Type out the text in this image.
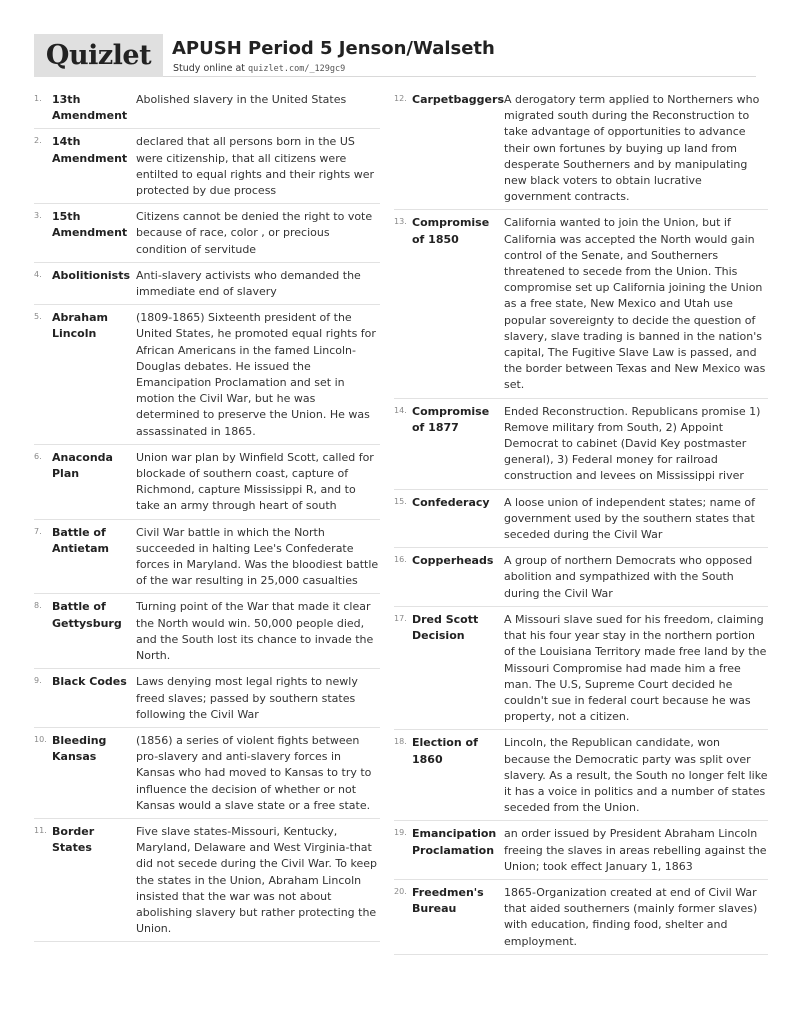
Quizlet	APUSH Period 5 Jenson/Walseth
Study online at quizlet.com/_129gc9
1. 13th Amendment
Abolished slavery in the United States
2. 14th Amendment
declared that all persons born in the US were citizenship, that all citizens were entilted to equal rights and their rights wer protected by due process
3. 15th Amendment
Citizens cannot be denied the right to vote because of race, color , or precious condition of servitude
4. Abolitionists Anti-slavery activists who demanded the immediate end of slavery
5. Abraham Lincoln
(1809-1865) Sixteenth president of the United States, he promoted equal rights for African Americans in the famed Lincoln- Douglas debates. He issued the Emancipation Proclamation and set in motion the Civil War, but he was determined to preserve the Union. He was assassinated in 1865.
6. Anaconda Plan
Union war plan by Winfield Scott, called for blockade of southern coast, capture of Richmond, capture Mississippi R, and to take an army through heart of south
7. Battle of Antietam
Civil War battle in which the North succeeded in halting Lee's Confederate forces in Maryland. Was the bloodiest battle of the war resulting in 25,000 casualties
8. Battle of Gettysburg
Turning point of the War that made it clear the North would win. 50,000 people died, and the South lost its chance to invade the North.
9. Black Codes Laws denying most legal rights to newly freed slaves; passed by southern states following the Civil War
10. Bleeding Kansas
(1856) a series of violent fights between pro-slavery and anti-slavery forces in Kansas who had moved to Kansas to try to influence the decision of whether or not Kansas would a slave state or a free state.
11. Border States
Five slave states-Missouri, Kentucky, Maryland, Delaware and West Virginia-that did not secede during the Civil War. To keep the states in the Union, Abraham Lincoln insisted that the war was not about abolishing slavery but rather protecting the Union.
12. Carpetbaggers A derogatory term applied to Northerners who migrated south during the Reconstruction to take advantage of opportunities to advance their own fortunes by buying up land from desperate Southerners and by manipulating new black voters to obtain lucrative government contracts.
13. Compromise of 1850
California wanted to join the Union, but if California was accepted the North would gain control of the Senate, and Southerners threatened to secede from the Union. This compromise set up California joining the Union as a free state, New Mexico and Utah use popular sovereignty to decide the question of slavery, slave trading is banned in the nation's capital, The Fugitive Slave Law is passed, and the border between Texas and New Mexico was set.
14. Compromise of 1877
Ended Reconstruction. Republicans promise 1) Remove military from South, 2) Appoint Democrat to cabinet (David Key postmaster general), 3) Federal money for railroad construction and levees on Mississippi river
15. Confederacy	A loose union of independent states; name of government used by the southern states that seceded during the Civil War
16. Copperheads A group of northern Democrats who opposed abolition and sympathized with the South during the Civil War
17. Dred Scott Decision
A Missouri slave sued for his freedom, claiming that his four year stay in the northern portion of the Louisiana Territory made free land by the Missouri Compromise had made him a free man. The U.S, Supreme Court decided he couldn't sue in federal court because he was property, not a citizen.
18. Election of 1860
Lincoln, the Republican candidate, won because the Democratic party was split over slavery. As a result, the South no longer felt like it has a voice in politics and a number of states seceded from the Union.
19. Emancipation Proclamation
an order issued by President Abraham Lincoln freeing the slaves in areas rebelling against the Union; took effect January 1, 1863
20. Freedmen's Bureau
1865-Organization created at end of Civil War that aided southerners (mainly former slaves) with education, finding food, shelter and employment.
